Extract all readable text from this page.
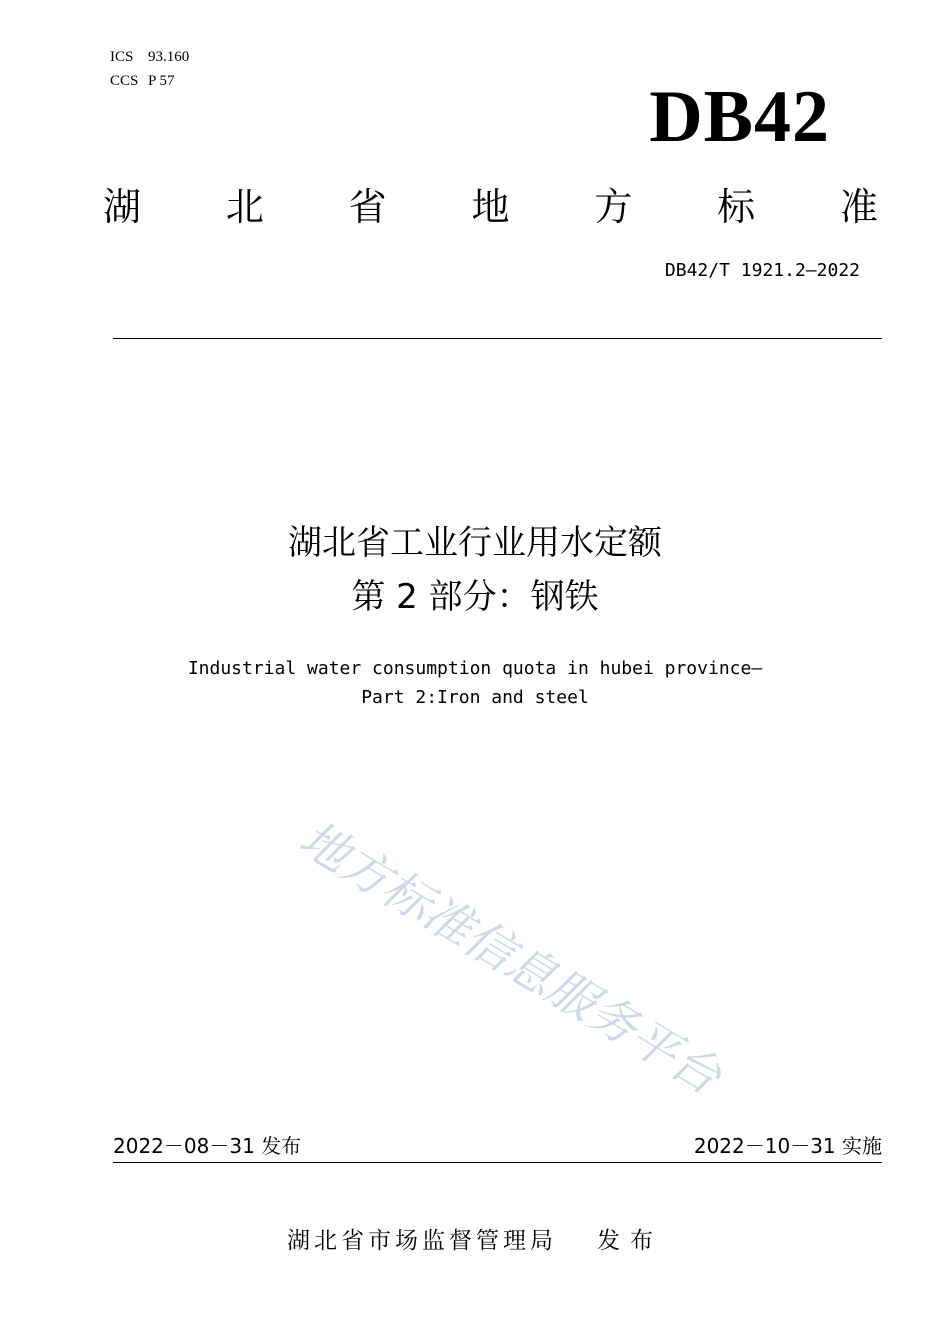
ICS 93.160
CCS P 57	DB42
湖 北 省 地 方 标 准
DB42/T 1921.2—2022
湖北省工业行业用水定额
第 2 部分：钢铁
Industrial water consumption quota in hubei province—
Part 2:Iron and steel
地方标准信息服务平台
2022－08－31 发布	2022－10－31 实施
湖北省市场监督管理局 发布
